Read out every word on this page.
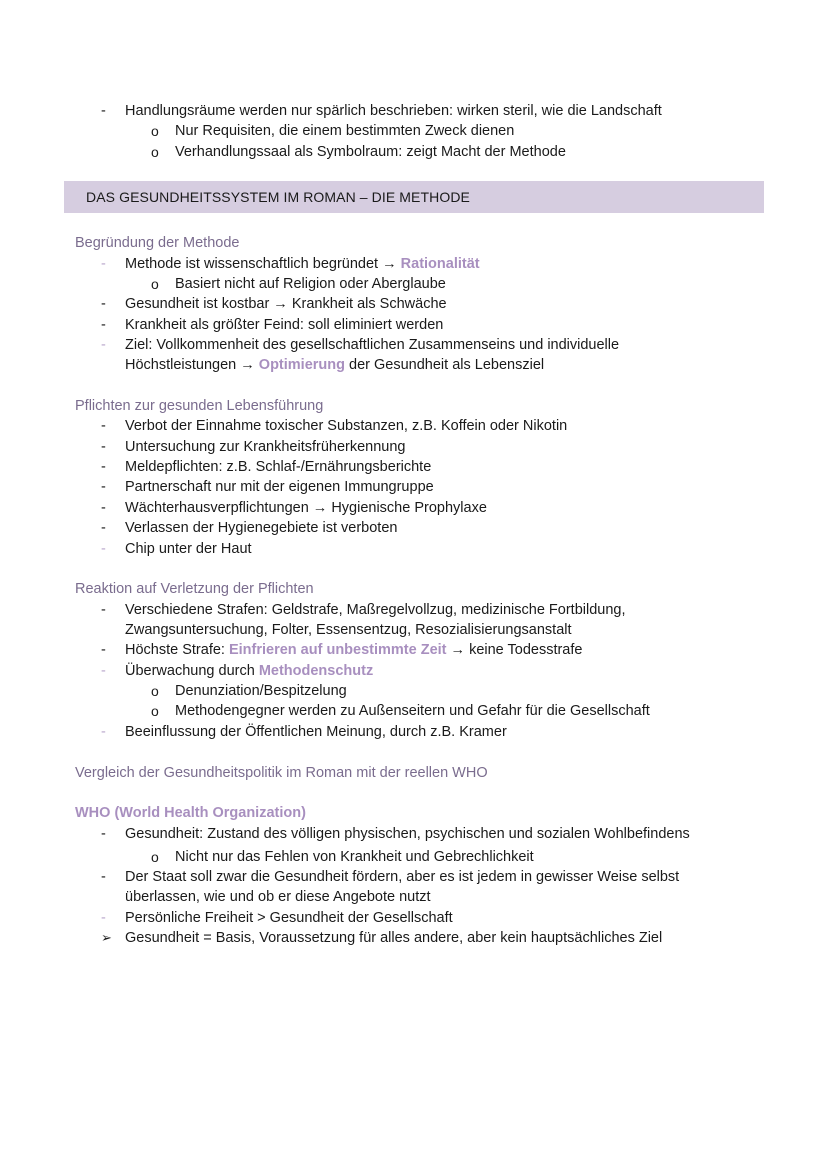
- Handlungsräume werden nur spärlich beschrieben: wirken steril, wie die Landschaft
o Nur Requisiten, die einem bestimmten Zweck dienen
o Verhandlungssaal als Symbolraum: zeigt Macht der Methode
DAS GESUNDHEITSSYSTEM IM ROMAN – DIE METHODE
Begründung der Methode
- Methode ist wissenschaftlich begründet → Rationalität
o Basiert nicht auf Religion oder Aberglaube
- Gesundheit ist kostbar → Krankheit als Schwäche
- Krankheit als größter Feind: soll eliminiert werden
- Ziel: Vollkommenheit des gesellschaftlichen Zusammenseins und individuelle
Höchstleistungen → Optimierung der Gesundheit als Lebensziel
Pflichten zur gesunden Lebensführung
- Verbot der Einnahme toxischer Substanzen, z.B. Koffein oder Nikotin
- Untersuchung zur Krankheitsfrüherkennung
- Meldepflichten: z.B. Schlaf-/Ernährungsberichte
- Partnerschaft nur mit der eigenen Immungruppe
- Wächterhausverpflichtungen → Hygienische Prophylaxe
- Verlassen der Hygienegebiete ist verboten
- Chip unter der Haut
Reaktion auf Verletzung der Pflichten
- Verschiedene Strafen: Geldstrafe, Maßregelvollzug, medizinische Fortbildung,
Zwangsuntersuchung, Folter, Essensentzug, Resozialisierungsanstalt
- Höchste Strafe: Einfrieren auf unbestimmte Zeit → keine Todesstrafe
- Überwachung durch Methodenschutz
o Denunziation/Bespitzelung
o Methodengegner werden zu Außenseitern und Gefahr für die Gesellschaft
- Beeinflussung der Öffentlichen Meinung, durch z.B. Kramer
Vergleich der Gesundheitspolitik im Roman mit der reellen WHO
WHO (World Health Organization)
- Gesundheit: Zustand des völligen physischen, psychischen und sozialen Wohlbefindens
o Nicht nur das Fehlen von Krankheit und Gebrechlichkeit
- Der Staat soll zwar die Gesundheit fördern, aber es ist jedem in gewisser Weise selbst
überlassen, wie und ob er diese Angebote nutzt
- Persönliche Freiheit > Gesundheit der Gesellschaft
➢ Gesundheit = Basis, Voraussetzung für alles andere, aber kein hauptsächliches Ziel
